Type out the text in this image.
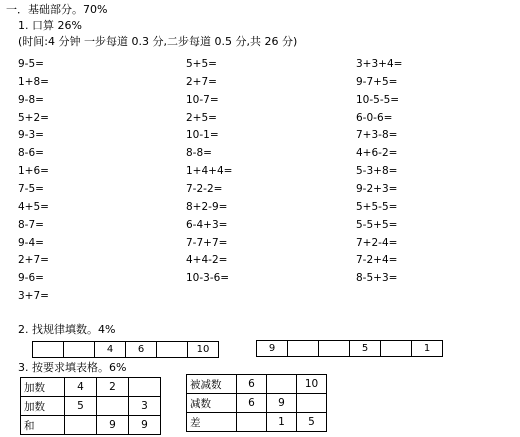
一．基础部分。70%
1. 口算 26%
(时间:4 分钟 一步每道 0.3 分,二步每道 0.5 分,共 26 分)
9-5=
1+8=
9-8=
5+2=
9-3=
8-6=
1+6=
7-5=
4+5=
8-7=
9-4=
2+7=
9-6=
3+7=
5+5=
2+7=
10-7=
2+5=
10-1=
8-8=
1+4+4=
7-2-2=
8+2-9=
6-4+3=
7-7+7=
4+4-2=
10-3-6=
3+3+4=
9-7+5=
10-5-5=
6-0-6=
7+3-8=
4+6-2=
5-3+8=
9-2+3=
5+5-5=
5-5+5=
7+2-4=
7-2+4=
8-5+3=
2. 找规律填数。4%
		4	6		10	9			5		1
3. 按要求填表格。6%
加数	4	2	
加数	5		3
和		9	9
被减数	6		10
减数	6	9	
差		1	5
